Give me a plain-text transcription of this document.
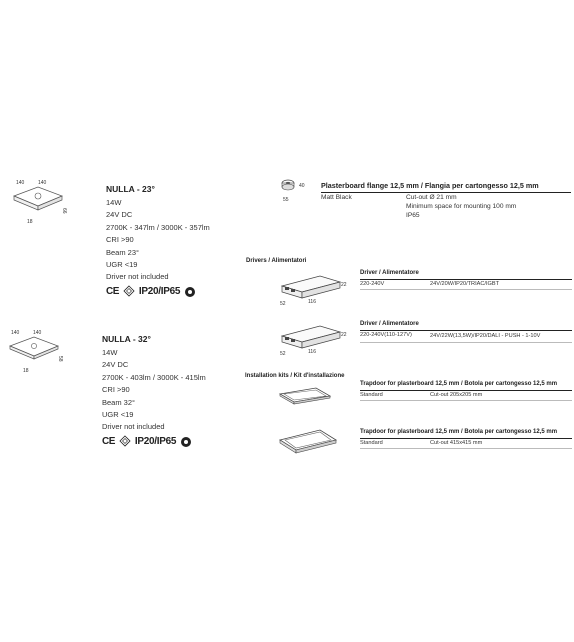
140	140
66
18
NULLA - 23°
14W
24V DC
2700K - 347lm / 3000K - 357lm
CRI >90
Beam 23°
UGR <19
Driver not included
CE IP20/IP65
140	140
58
18
NULLA - 32°
14W
24V DC
2700K - 403lm / 3000K - 415lm
CRI >90
Beam 32°
UGR <19
Driver not included
CE IP20/IP65
40
55
Plasterboard flange 12,5 mm / Flangia per cartongesso 12,5 mm
Matt Black	Cut-out Ø 21 mm
Minimum space for mounting 100 mm
IP65
Drivers / Alimentatori
22
52	116
Driver / Alimentatore
220-240V	24V/20W/IP20/TRIAC/IGBT
22
52	116
Driver / Alimentatore
220-240V(110-127V)	24V/22W(13,5W)/IP20/DALI - PUSH - 1-10V
Installation kits / Kit d'installazione
Trapdoor for plasterboard 12,5 mm / Botola per cartongesso 12,5 mm
Standard	Cut-out 205x205 mm
Trapdoor for plasterboard 12,5 mm / Botola per cartongesso 12,5 mm
Standard	Cut-out 415x415 mm
